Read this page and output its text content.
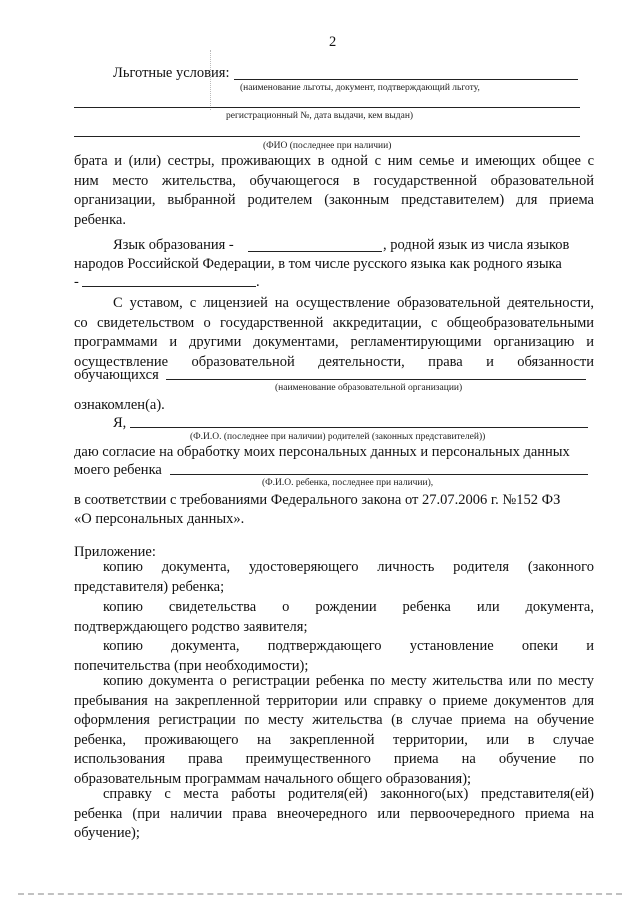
2
Льготные условия:
(наименование льготы, документ, подтверждающий льготу,
регистрационный №, дата выдачи, кем выдан)
(ФИО (последнее при наличии)
брата и (или) сестры, проживающих в одной с ним семье и имеющих общее с
ним место жительства, обучающегося в государственной образовательной
организации, выбранной родителем (законным представителем) для приема
ребенка.
Язык образования -	, родной язык из числа языков
народов Российской Федерации, в том числе русского языка как родного языка
-	.
С уставом, с лицензией на осуществление образовательной деятельности,
со свидетельством о государственной аккредитации, с общеобразовательными
программами и другими документами, регламентирующими организацию и
осуществление образовательной деятельности, права и обязанности
обучающихся
(наименование образовательной организации)
ознакомлен(а).
Я,
(Ф.И.О. (последнее при наличии) родителей (законных представителей))
даю согласие на обработку моих персональных данных и персональных данных
моего ребенка
(Ф.И.О. ребенка, последнее при наличии),
в соответствии с требованиями Федерального закона от 27.07.2006 г. №152 ФЗ
«О персональных данных».
Приложение:
копию документа, удостоверяющего личность родителя (законного
представителя) ребенка;
копию свидетельства о рождении ребенка или документа,
подтверждающего родство заявителя;
копию документа, подтверждающего установление опеки и
попечительства (при необходимости);
копию документа о регистрации ребенка по месту жительства или по месту
пребывания на закрепленной территории или справку о приеме документов для
оформления регистрации по месту жительства (в случае приема на обучение
ребенка, проживающего на закрепленной территории, или в случае
использования права преимущественного приема на обучение по
образовательным программам начального общего образования);
справку с места работы родителя(ей) законного(ых) представителя(ей)
ребенка (при наличии права внеочередного или первоочередного приема на
обучение);
